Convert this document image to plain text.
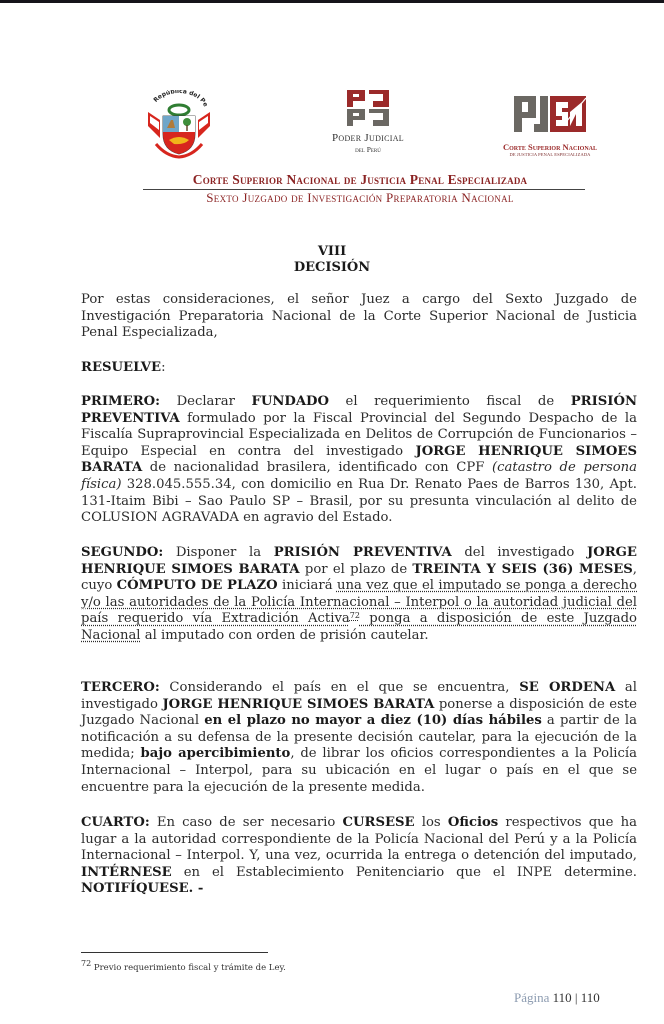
República del Pe
Poder Judicial
del Perú	Corte Superior Nacional
DE JUSTICIA PENAL ESPECIALIZADA
Corte Superior Nacional de Justicia Penal Especializada
Sexto Juzgado de Investigación Preparatoria Nacional
VIII
DECISIÓN
Por estas consideraciones, el señor Juez a cargo del Sexto Juzgado de Investigación Preparatoria Nacional de la Corte Superior Nacional de Justicia Penal Especializada,
RESUELVE:
PRIMERO: Declarar FUNDADO el requerimiento fiscal de PRISIÓN PREVENTIVA formulado por la Fiscal Provincial del Segundo Despacho de la Fiscalía Supraprovincial Especializada en Delitos de Corrupción de Funcionarios – Equipo Especial en contra del investigado JORGE HENRIQUE SIMOES BARATA de nacionalidad brasilera, identificado con CPF (catastro de persona física) 328.045.555.34, con domicilio en Rua Dr. Renato Paes de Barros 130, Apt. 131-Itaim Bibi – Sao Paulo SP – Brasil, por su presunta vinculación al delito de COLUSION AGRAVADA en agravio del Estado.
SEGUNDO: Disponer la PRISIÓN PREVENTIVA del investigado JORGE HENRIQUE SIMOES BARATA por el plazo de TREINTA Y SEIS (36) MESES, cuyo CÓMPUTO DE PLAZO iniciará una vez que el imputado se ponga a derecho y/o las autoridades de la Policía Internacional – Interpol o la autoridad judicial del país requerido vía Extradición Activa$^{72}$ ponga a disposición de este Juzgado Nacional al imputado con orden de prisión cautelar.
TERCERO: Considerando el país en el que se encuentra, SE ORDENA al investigado JORGE HENRIQUE SIMOES BARATA ponerse a disposición de este Juzgado Nacional en el plazo no mayor a diez (10) días hábiles a partir de la notificación a su defensa de la presente decisión cautelar, para la ejecución de la medida; bajo apercibimiento, de librar los oficios correspondientes a la Policía Internacional – Interpol, para su ubicación en el lugar o país en el que se encuentre para la ejecución de la presente medida.
CUARTO: En caso de ser necesario CURSESE los Oficios respectivos que ha lugar a la autoridad correspondiente de la Policía Nacional del Perú y a la Policía Internacional – Interpol. Y, una vez, ocurrida la entrega o detención del imputado, INTÉRNESE en el Establecimiento Penitenciario que el INPE determine. NOTIFÍQUESE. -
$^{72}$ Previo requerimiento fiscal y trámite de Ley.
Página 110 | 110
